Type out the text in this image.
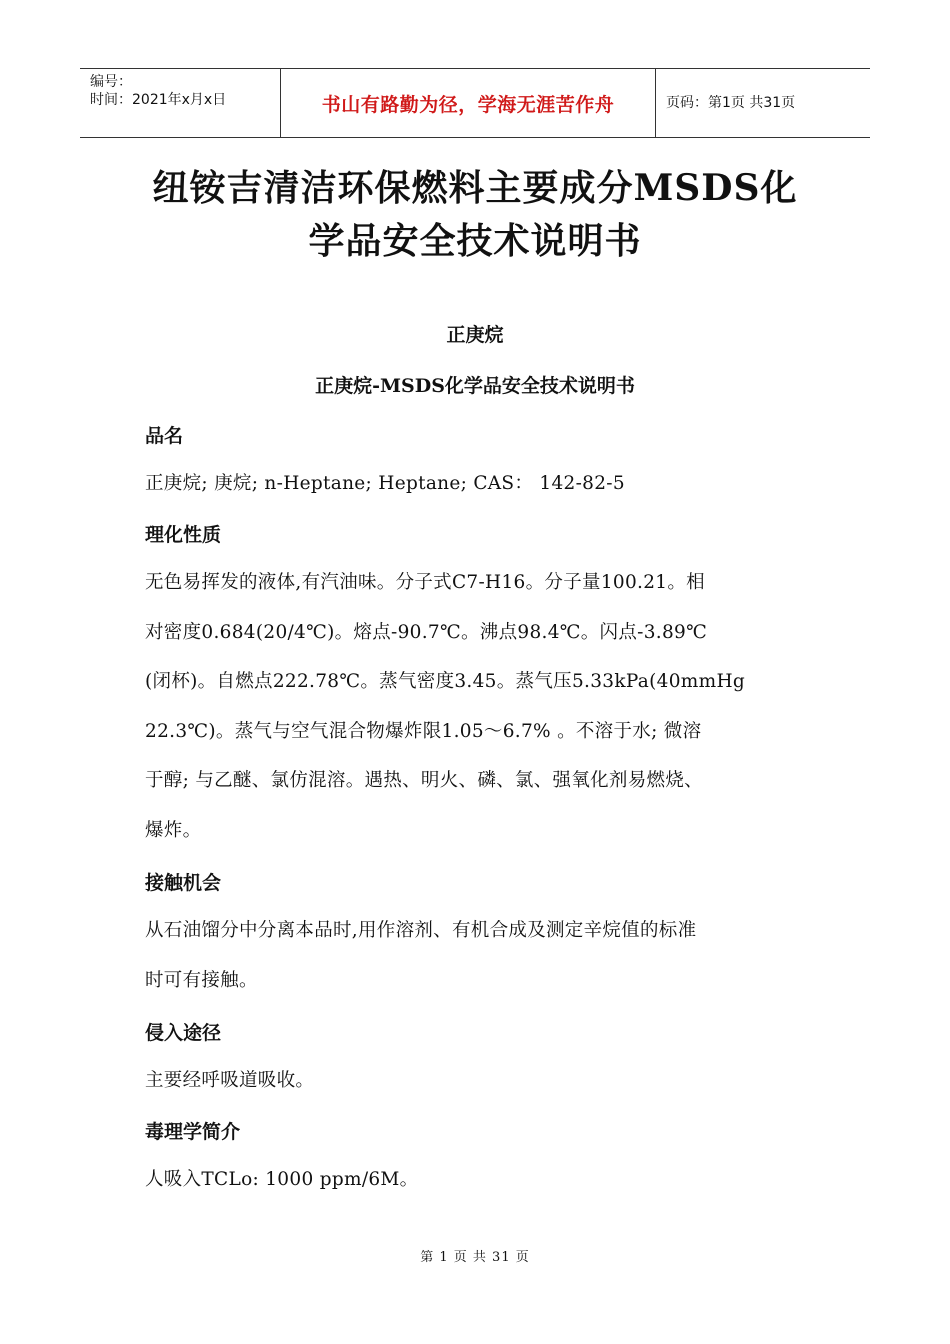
编号：
时间：2021年x月x日	书山有路勤为径，学海无涯苦作舟	页码：第1页 共31页
纽铵吉清洁环保燃料主要成分MSDS化
学品安全技术说明书
正庚烷
正庚烷-MSDS化学品安全技术说明书
品名
正庚烷; 庚烷; n-Heptane; Heptane; CAS： 142-82-5
理化性质
无色易挥发的液体,有汽油味。分子式C7-H16。分子量100.21。相
对密度0.684(20/4℃)。熔点-90.7℃。沸点98.4℃。闪点-3.89℃
(闭杯)。自燃点222.78℃。蒸气密度3.45。蒸气压5.33kPa(40mmHg
22.3℃)。蒸气与空气混合物爆炸限1.05～6.7% 。不溶于水; 微溶
于醇; 与乙醚、氯仿混溶。遇热、明火、磷、氯、强氧化剂易燃烧、
爆炸。
接触机会
从石油馏分中分离本品时,用作溶剂、有机合成及测定辛烷值的标准
时可有接触。
侵入途径
主要经呼吸道吸收。
毒理学简介
人吸入TCLo: 1000 ppm/6M。
第 1 页 共 31 页
